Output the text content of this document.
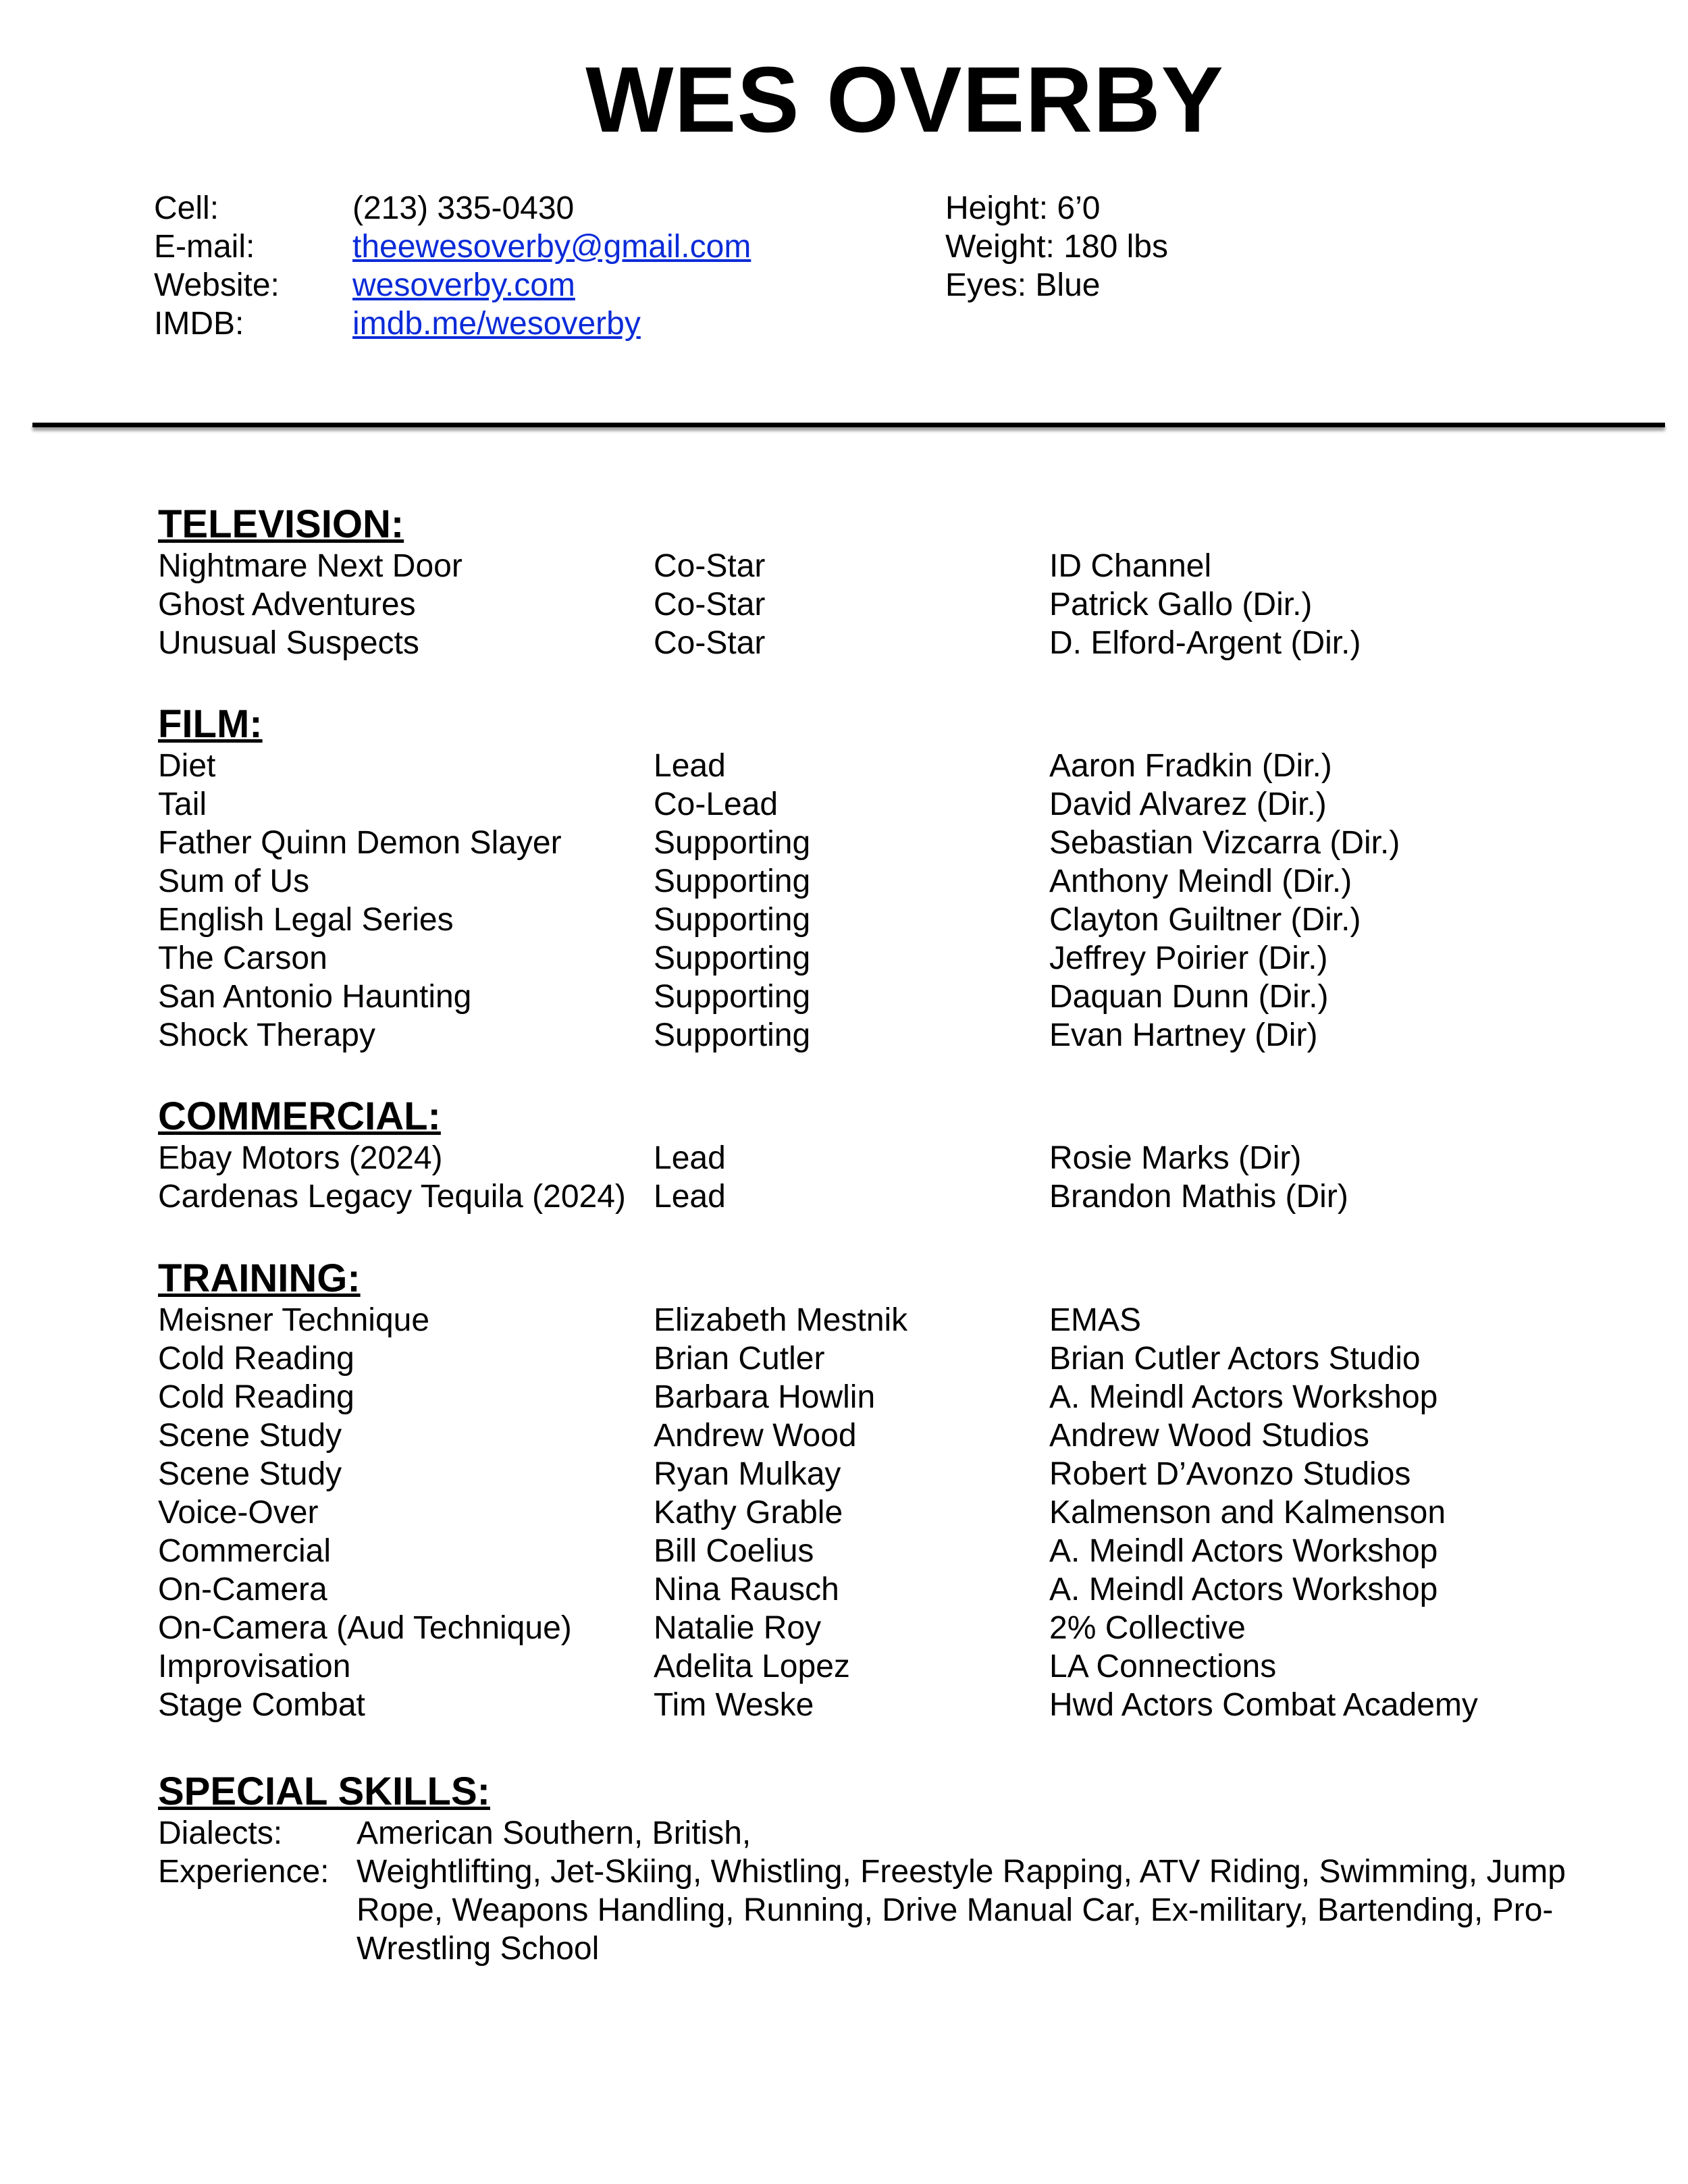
WES OVERBY
Cell:	(213) 335-0430
E-mail:	theewesoverby@gmail.com
Website: wesoverby.com
IMDB:	imdb.me/wesoverby
Height: 6’0
Weight: 180 lbs
Eyes: Blue
TELEVISION:
Nightmare Next Door	Co-Star	ID Channel
Ghost Adventures	Co-Star	Patrick Gallo (Dir.)
Unusual Suspects	Co-Star	D. Elford-Argent (Dir.)
FILM:
Diet	Lead	Aaron Fradkin (Dir.)
Tail	Co-Lead	David Alvarez (Dir.)
Father Quinn Demon Slayer	Supporting	Sebastian Vizcarra (Dir.)
Sum of Us	Supporting	Anthony Meindl (Dir.)
English Legal Series	Supporting	Clayton Guiltner (Dir.)
The Carson	Supporting	Jeffrey Poirier (Dir.)
San Antonio Haunting	Supporting	Daquan Dunn (Dir.)
Shock Therapy	Supporting	Evan Hartney (Dir)
COMMERCIAL:
Ebay Motors (2024)	Lead	Rosie Marks (Dir)
Cardenas Legacy Tequila (2024) Lead	Brandon Mathis (Dir)
TRAINING:
Meisner Technique	Elizabeth Mestnik	EMAS
Cold Reading	Brian Cutler	Brian Cutler Actors Studio
Cold Reading	Barbara Howlin	A. Meindl Actors Workshop
Scene Study	Andrew Wood	Andrew Wood Studios
Scene Study	Ryan Mulkay	Robert D’Avonzo Studios
Voice-Over	Kathy Grable	Kalmenson and Kalmenson
Commercial	Bill Coelius	A. Meindl Actors Workshop
On-Camera	Nina Rausch	A. Meindl Actors Workshop
On-Camera (Aud Technique)	Natalie Roy	2% Collective
Improvisation	Adelita Lopez	LA Connections
Stage Combat	Tim Weske	Hwd Actors Combat Academy
SPECIAL SKILLS:
Dialects: American Southern, British,
Experience: Weightlifting, Jet-Skiing, Whistling, Freestyle Rapping, ATV Riding, Swimming, Jump Rope, Weapons Handling, Running, Drive Manual Car, Ex-military, Bartending, Pro-Wrestling School
